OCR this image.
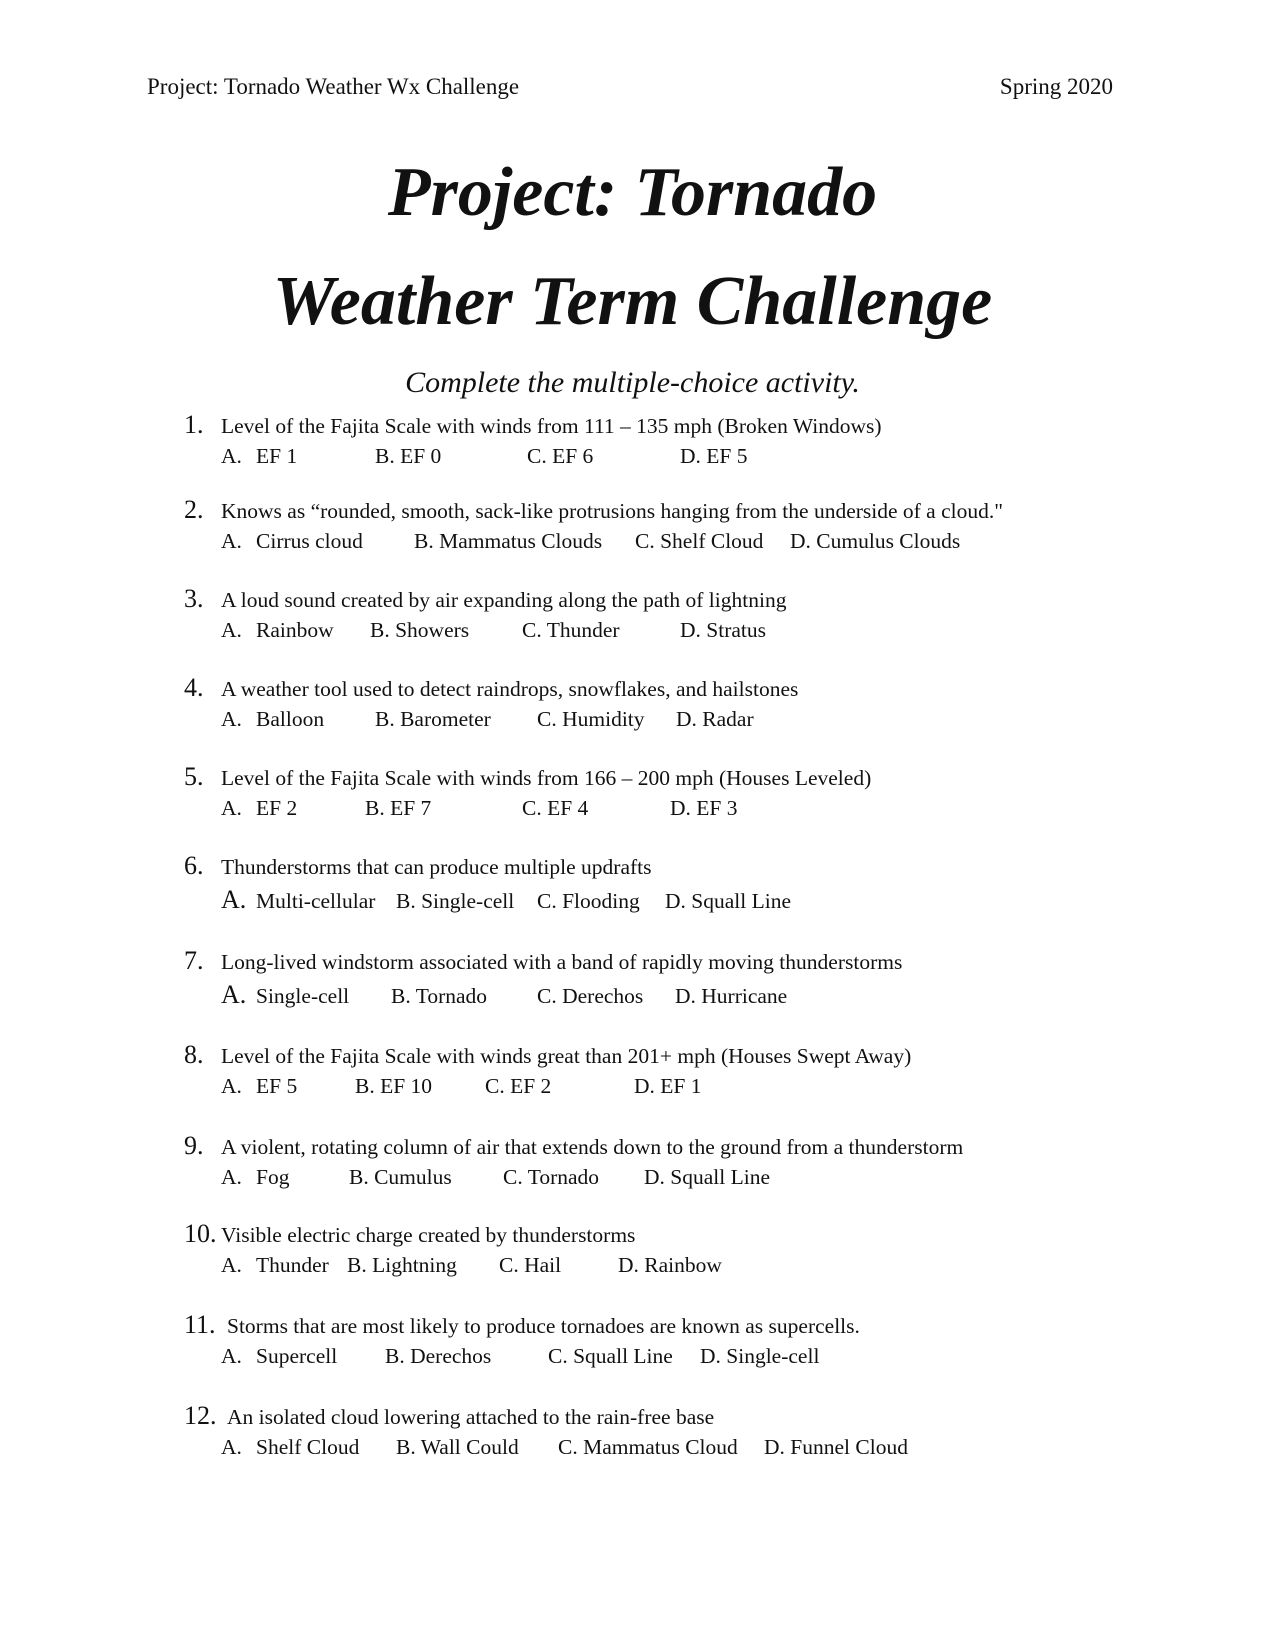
Project: Tornado Weather Wx Challenge	Spring 2020
Project: Tornado
Weather Term Challenge
Complete the multiple-choice activity.
1. Level of the Fajita Scale with winds from 111 – 135 mph (Broken Windows)
A. EF 1	B. EF 0	C. EF 6	D. EF 5
2. Knows as “rounded, smooth, sack-like protrusions hanging from the underside of a cloud."
A. Cirrus cloud B. Mammatus Clouds C. Shelf Cloud D. Cumulus Clouds
3. A loud sound created by air expanding along the path of lightning
A. Rainbow B. Showers C. Thunder	D. Stratus
4. A weather tool used to detect raindrops, snowflakes, and hailstones
A. Balloon B. Barometer C. Humidity D. Radar
5. Level of the Fajita Scale with winds from 166 – 200 mph (Houses Leveled)
A. EF 2	B. EF 7	C. EF 4	D. EF 3
6. Thunderstorms that can produce multiple updrafts
A. Multi-cellular B. Single-cell C. Flooding D. Squall Line
7. Long-lived windstorm associated with a band of rapidly moving thunderstorms
A. Single-cell B. Tornado C. Derechos D. Hurricane
8. Level of the Fajita Scale with winds great than 201+ mph (Houses Swept Away)
A. EF 5	B. EF 10 C. EF 2	D. EF 1
9. A violent, rotating column of air that extends down to the ground from a thunderstorm
A. Fog	B. Cumulus C. Tornado D. Squall Line
10. Visible electric charge created by thunderstorms
A. Thunder B. Lightning C. Hail	D. Rainbow
11. Storms that are most likely to produce tornadoes are known as supercells.
A. Supercell B. Derechos	C. Squall Line D. Single-cell
12. An isolated cloud lowering attached to the rain-free base
A. Shelf Cloud B. Wall Could C. Mammatus Cloud D. Funnel Cloud
